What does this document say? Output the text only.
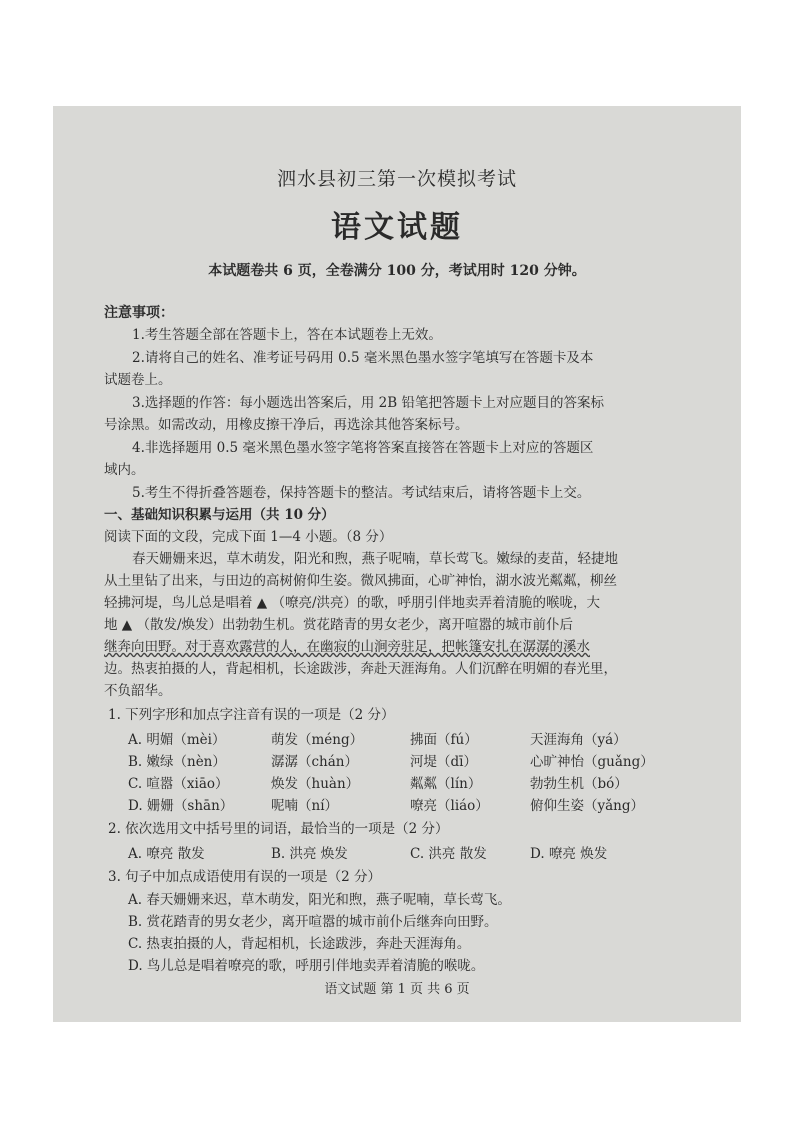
泗水县初三第一次模拟考试
语文试题
本试题卷共 6 页，全卷满分 100 分，考试用时 120 分钟。
注意事项：
1.考生答题全部在答题卡上，答在本试题卷上无效。
2.请将自己的姓名、准考证号码用 0.5 毫米黑色墨水签字笔填写在答题卡及本
试题卷上。
3.选择题的作答：每小题选出答案后，用 2B 铅笔把答题卡上对应题目的答案标
号涂黑。如需改动，用橡皮擦干净后，再选涂其他答案标号。
4.非选择题用 0.5 毫米黑色墨水签字笔将答案直接答在答题卡上对应的答题区
域内。
5.考生不得折叠答题卷，保持答题卡的整洁。考试结束后，请将答题卡上交。
一、基础知识积累与运用（共 10 分）
阅读下面的文段，完成下面 1—4 小题。（8 分）
春天姗姗来迟，草木萌发，阳光和煦，燕子呢喃，草长莺飞。嫩绿的麦苗，轻捷地
从土里钻了出来，与田边的高树俯仰生姿。微风拂面，心旷神怡，湖水波光粼粼，柳丝
轻拂河堤，鸟儿总是唱着 ▲ （嘹亮/洪亮）的歌，呼朋引伴地卖弄着清脆的喉咙，大
地 ▲ （散发/焕发）出勃勃生机。赏花踏青的男女老少，离开喧嚣的城市前仆后
继奔向田野。对于喜欢露营的人，在幽寂的山涧旁驻足，把帐篷安扎在潺潺的溪水
边。热衷拍摄的人，背起相机，长途跋涉，奔赴天涯海角。人们沉醉在明媚的春光里，
不负韶华。
1. 下列字形和加点字注音有误的一项是（2 分）
A. 明媚（mèi）	萌发（méng）	拂面（fú）	天涯海角（yá）
B. 嫩绿（nèn）	潺潺（chán）	河堤（dī）	心旷神怡（guǎng）
C. 喧嚣（xiāo）	焕发（huàn）	粼粼（lín）	勃勃生机（bó）
D. 姗姗（shān）	呢喃（ní）	嘹亮（liáo）	俯仰生姿（yǎng）
2. 依次选用文中括号里的词语，最恰当的一项是（2 分）
A. 嘹亮 散发	B. 洪亮 焕发	C. 洪亮 散发	D. 嘹亮 焕发
3. 句子中加点成语使用有误的一项是（2 分）
A. 春天姗姗来迟，草木萌发，阳光和煦，燕子呢喃，草长莺飞。
B. 赏花踏青的男女老少，离开喧嚣的城市前仆后继奔向田野。
C. 热衷拍摄的人，背起相机，长途跋涉，奔赴天涯海角。
D. 鸟儿总是唱着嘹亮的歌，呼朋引伴地卖弄着清脆的喉咙。
语文试题 第 1 页 共 6 页
